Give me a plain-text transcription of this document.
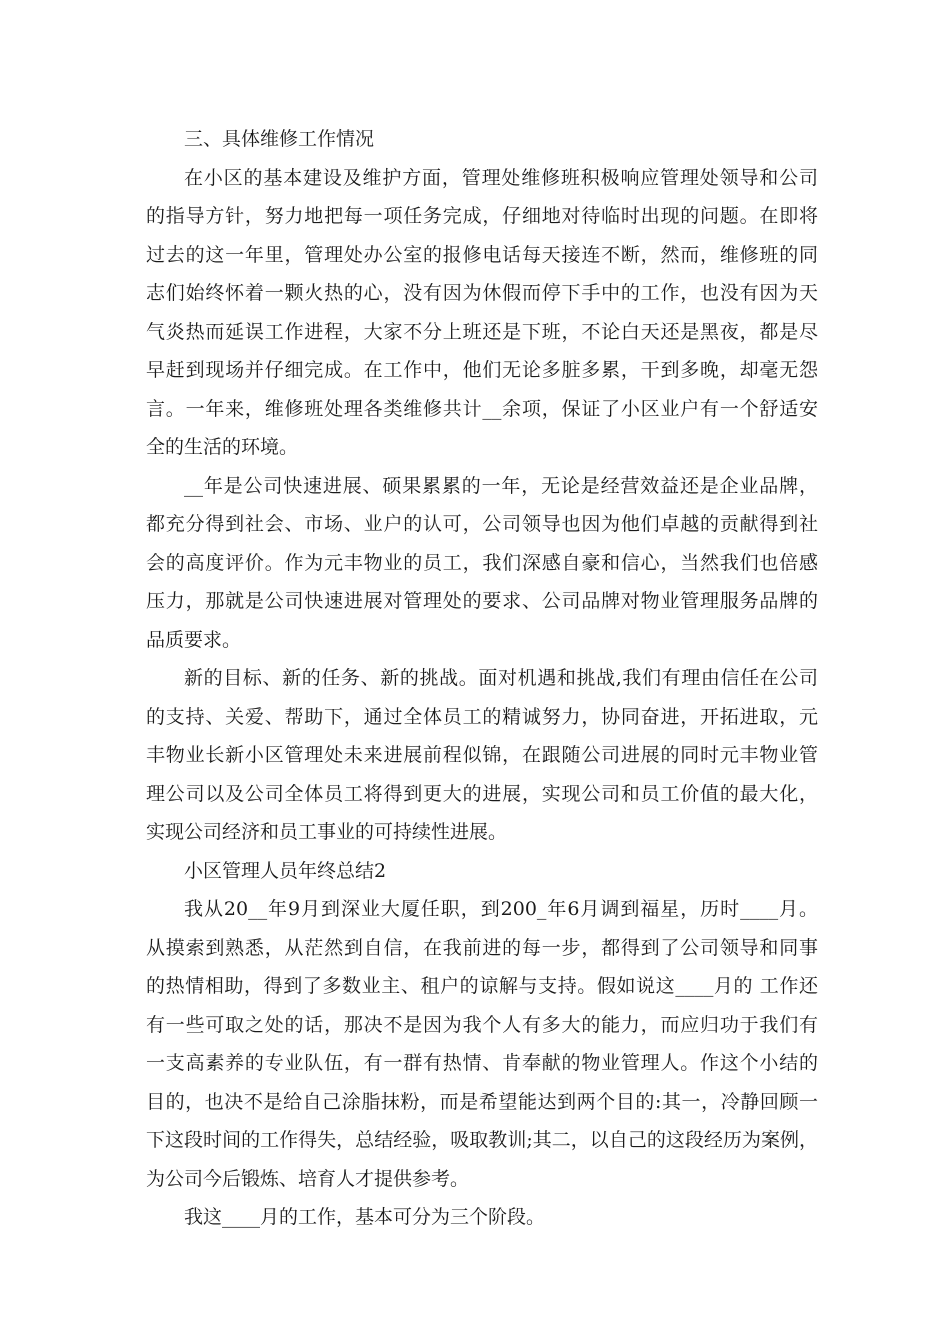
三、具体维修工作情况
在小区的基本建设及维护方面，管理处维修班积极响应管理处领导和公司
的指导方针，努力地把每一项任务完成，仔细地对待临时出现的问题。在即将
过去的这一年里，管理处办公室的报修电话每天接连不断，然而，维修班的同
志们始终怀着一颗火热的心，没有因为休假而停下手中的工作，也没有因为天
气炎热而延误工作进程，大家不分上班还是下班，不论白天还是黑夜，都是尽
早赶到现场并仔细完成。在工作中，他们无论多脏多累，干到多晚，却毫无怨
言。一年来，维修班处理各类维修共计__余项，保证了小区业户有一个舒适安
全的生活的环境。
__年是公司快速进展、硕果累累的一年，无论是经营效益还是企业品牌，
都充分得到社会、市场、业户的认可，公司领导也因为他们卓越的贡献得到社
会的高度评价。作为元丰物业的员工，我们深感自豪和信心，当然我们也倍感
压力，那就是公司快速进展对管理处的要求、公司品牌对物业管理服务品牌的
品质要求。
新的目标、新的任务、新的挑战。面对机遇和挑战,我们有理由信任在公司
的支持、关爱、帮助下，通过全体员工的精诚努力，协同奋进，开拓进取，元
丰物业长新小区管理处未来进展前程似锦，在跟随公司进展的同时元丰物业管
理公司以及公司全体员工将得到更大的进展，实现公司和员工价值的最大化，
实现公司经济和员工事业的可持续性进展。
小区管理人员年终总结2
我从20__年9月到深业大厦任职，到200_年6月调到福星，历时____月。
从摸索到熟悉，从茫然到自信，在我前进的每一步，都得到了公司领导和同事
的热情相助，得到了多数业主、租户的谅解与支持。假如说这____月的 工作还
有一些可取之处的话，那决不是因为我个人有多大的能力，而应归功于我们有
一支高素养的专业队伍，有一群有热情、肯奉献的物业管理人。作这个小结的
目的，也决不是给自己涂脂抹粉，而是希望能达到两个目的:其一，冷静回顾一
下这段时间的工作得失，总结经验，吸取教训;其二，以自己的这段经历为案例，
为公司今后锻炼、培育人才提供参考。
我这____月的工作，基本可分为三个阶段。
